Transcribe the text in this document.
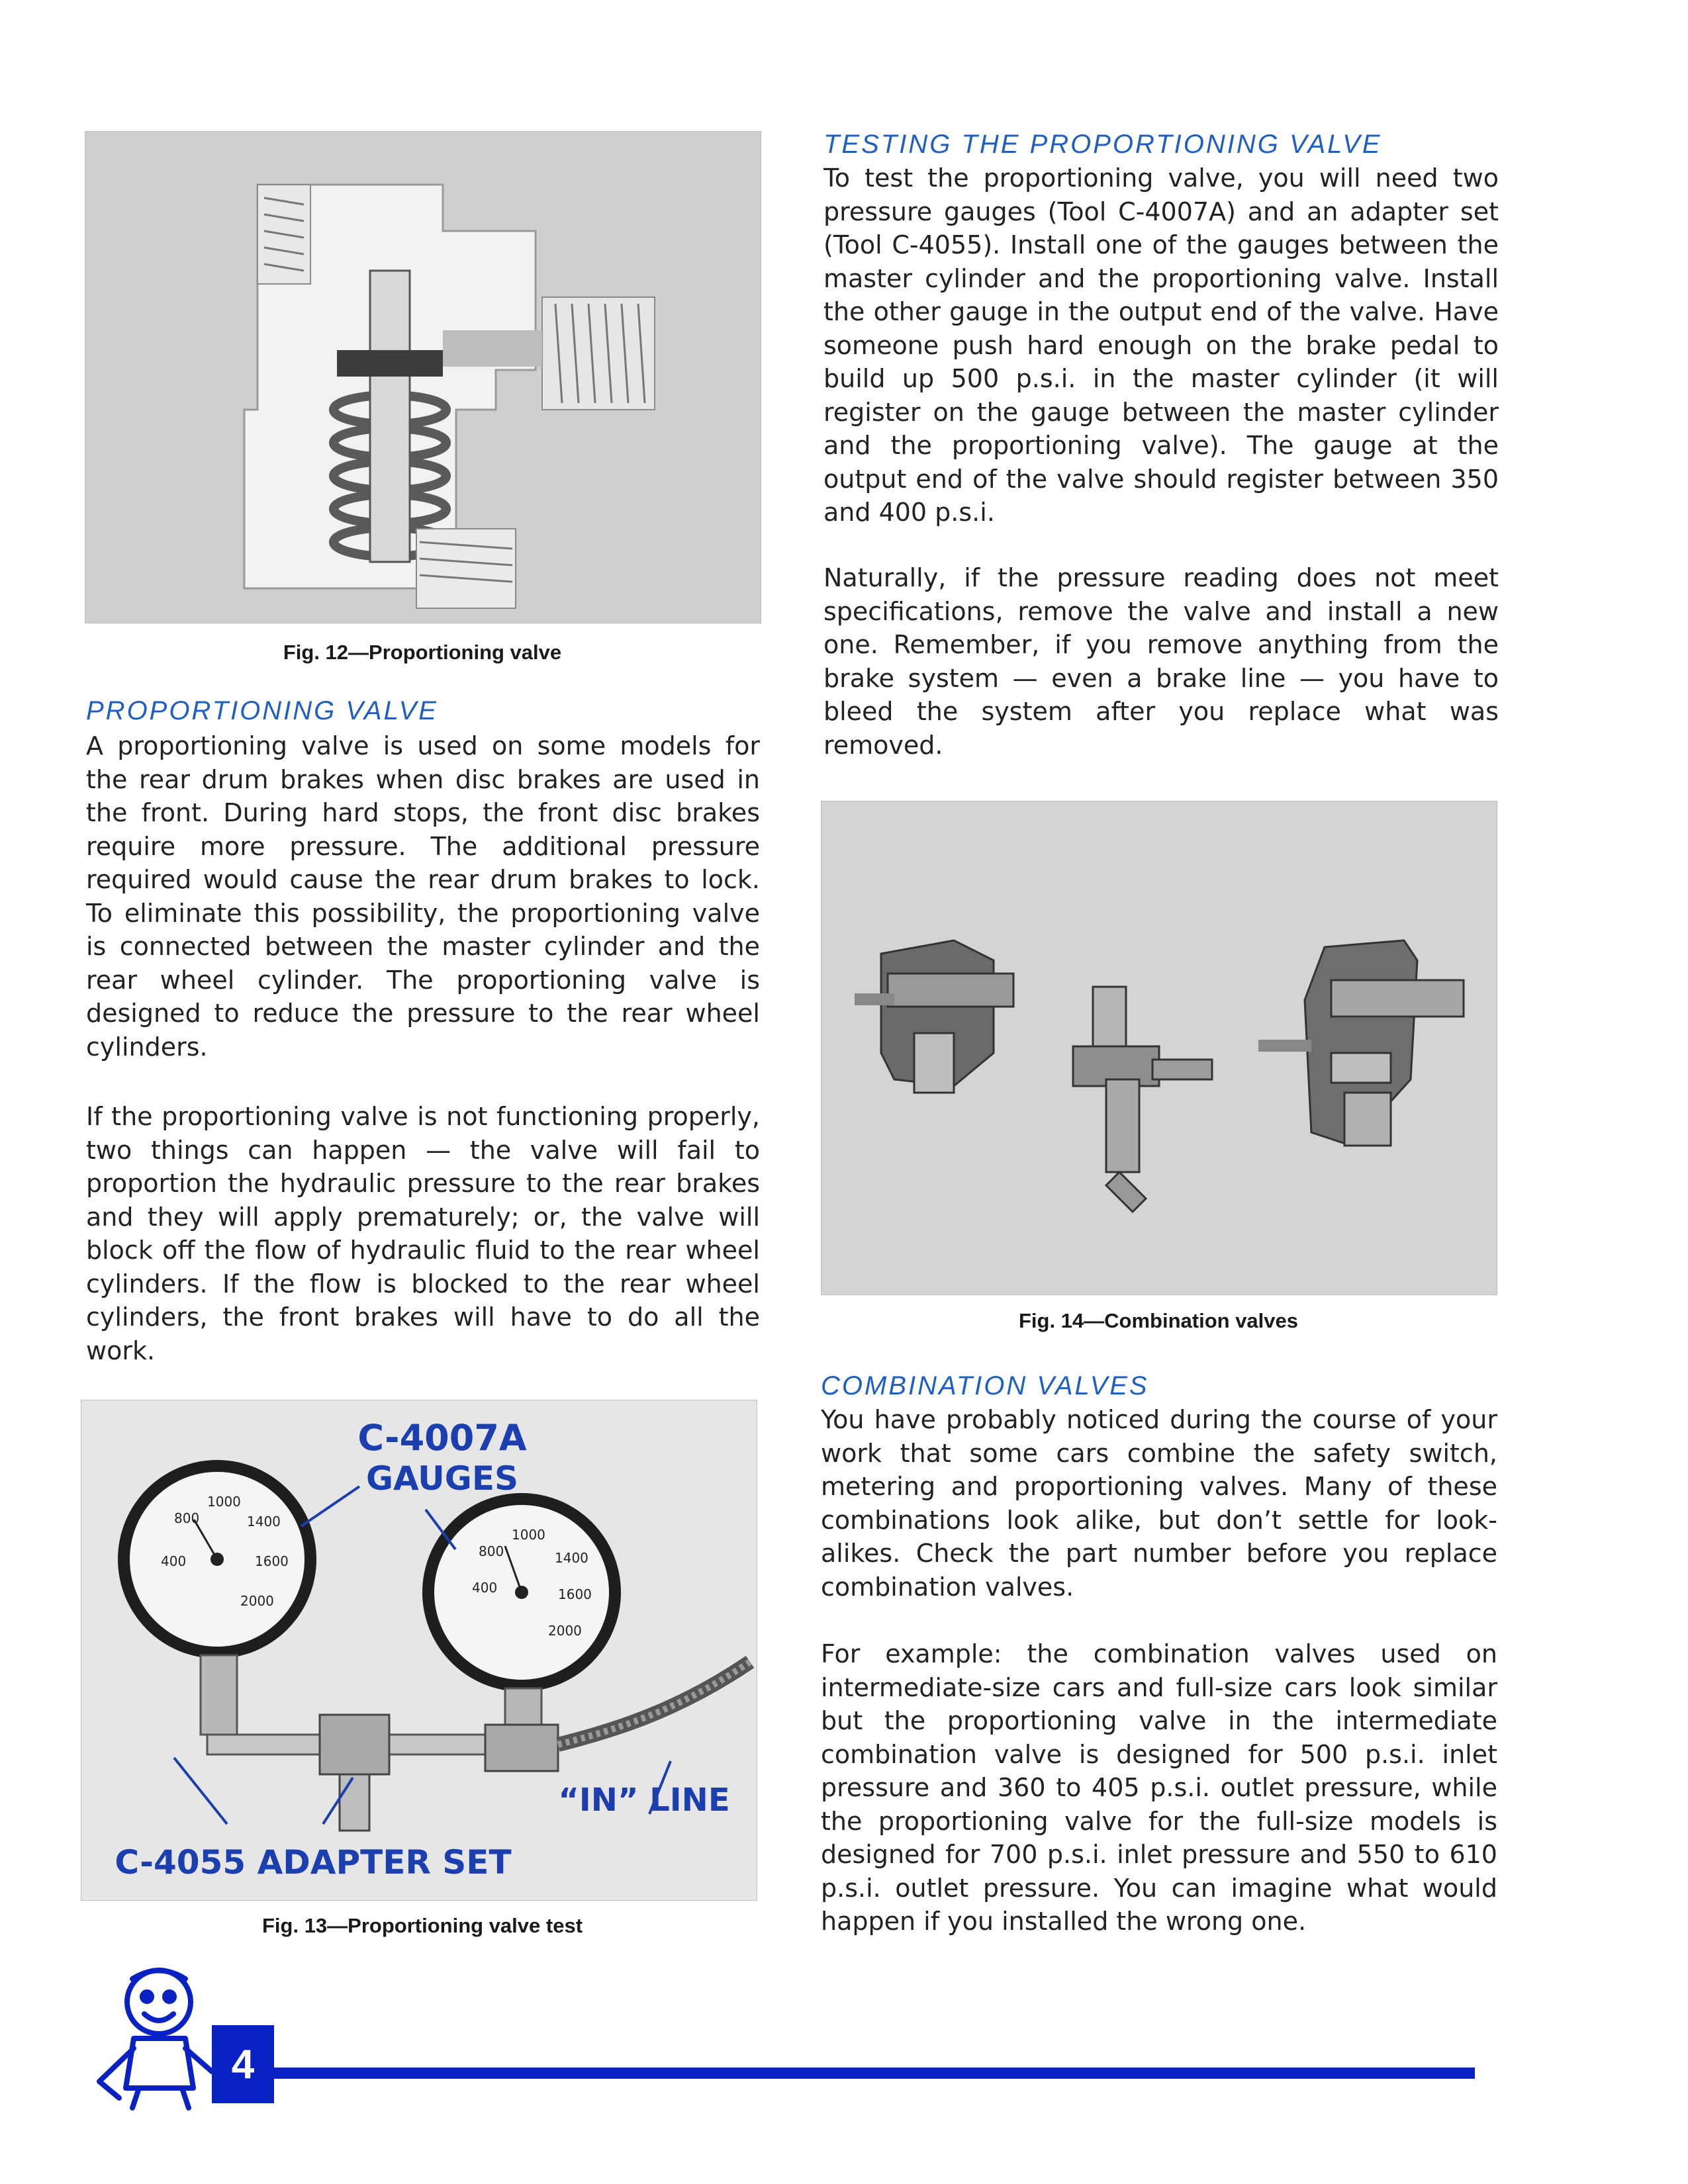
Fig. 12—Proportioning valve
PROPORTIONING VALVE

A proportioning valve is used on some models for the rear drum brakes when disc brakes are used in the front. During hard stops, the front disc brakes require more pressure. The additional pressure required would cause the rear drum brakes to lock. To eliminate this possibility, the proportioning valve is connected between the master cylinder and the rear wheel cylinder. The proportioning valve is designed to reduce the pressure to the rear wheel cylinders.

If the proportioning valve is not functioning properly, two things can happen — the valve will fail to proportion the hydraulic pressure to the rear brakes and they will apply prematurely; or, the valve will block off the flow of hydraulic fluid to the rear wheel cylinders. If the flow is blocked to the rear wheel cylinders, the front brakes will have to do all the work.

400
800
1000
1400
1600
2000
400
800
1000
1400
1600
2000
C-4007A
GAUGES
“IN” LINE
C-4055 ADAPTER SET
Fig. 13—Proportioning valve test
TESTING THE PROPORTIONING VALVE

To test the proportioning valve, you will need two pressure gauges (Tool C-4007A) and an adapter set (Tool C-4055). Install one of the gauges between the master cylinder and the proportioning valve. Install the other gauge in the output end of the valve. Have someone push hard enough on the brake pedal to build up 500 p.s.i. in the master cylinder (it will register on the gauge between the master cylinder and the proportioning valve). The gauge at the output end of the valve should register between 350 and 400 p.s.i.

Naturally, if the pressure reading does not meet specifications, remove the valve and install a new one. Remember, if you remove anything from the brake system — even a brake line — you have to bleed the system after you replace what was removed.

Fig. 14—Combination valves
COMBINATION VALVES

You have probably noticed during the course of your work that some cars combine the safety switch, metering and proportioning valves. Many of these combinations look alike, but don’t settle for look-alikes. Check the part number before you replace combination valves.

For example: the combination valves used on intermediate-size cars and full-size cars look similar but the proportioning valve in the intermediate combination valve is designed for 500 p.s.i. inlet pressure and 360 to 405 p.s.i. outlet pressure, while the proportioning valve for the full-size models is designed for 700 p.s.i. inlet pressure and 550 to 610 p.s.i. outlet pressure. You can imagine what would happen if you installed the wrong one.

4
